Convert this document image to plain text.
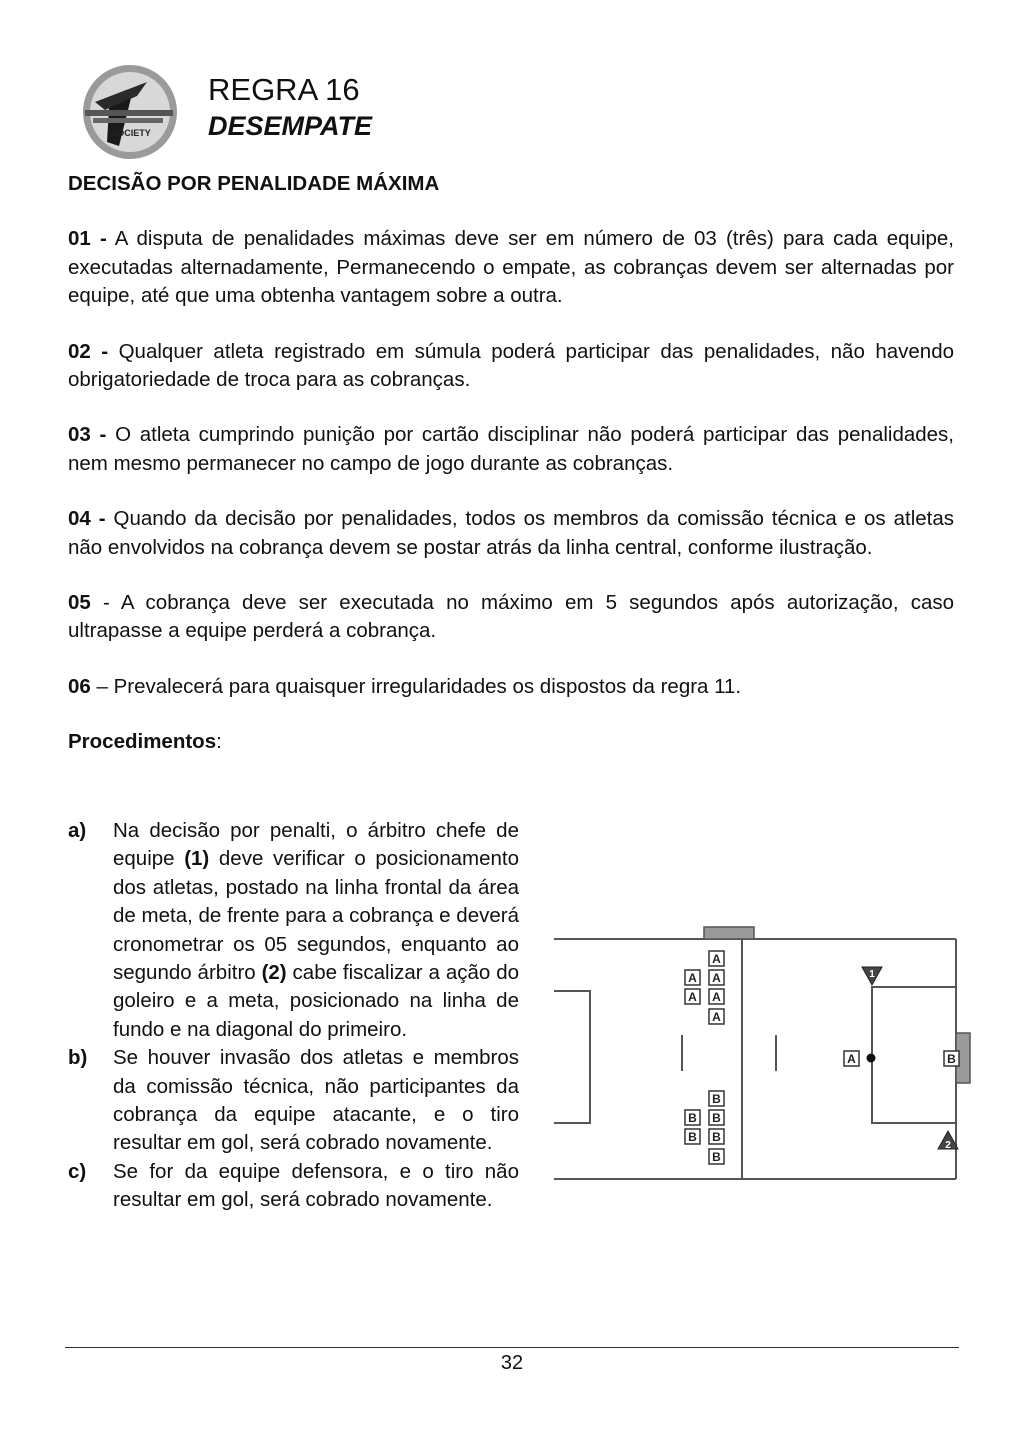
SOCIETY
REGRA 16
DESEMPATE

DECISÃO POR PENALIDADE MÁXIMA

01 - A disputa de penalidades máximas deve ser em número de 03 (três) para cada equipe, executadas alternadamente, Permanecendo o empate, as cobranças devem ser alternadas por equipe, até que uma obtenha vantagem sobre a outra.

02 - Qualquer atleta registrado em súmula poderá participar das penalidades, não havendo obrigatoriedade de troca para as cobranças.

03 - O atleta cumprindo punição por cartão disciplinar não poderá participar das penalidades, nem mesmo permanecer no campo de jogo durante as cobranças.

04 - Quando da decisão por penalidades, todos os membros da comissão técnica e os atletas não envolvidos na cobrança devem se postar atrás da linha central, conforme ilustração.

05 - A cobrança deve ser executada no máximo em 5 segundos após autorização, caso ultrapasse a equipe perderá a cobrança.

06 – Prevalecerá para quaisquer irregularidades os dispostos da regra 11.

Procedimentos:

a)	Na decisão por penalti, o árbitro chefe de equipe (1) deve verificar o posicionamento dos atletas, postado na linha frontal da área de meta, de frente para a cobrança e deverá cronometrar os 05 segundos, enquanto ao segundo árbitro (2) cabe fiscalizar a ação do goleiro e a meta, posicionado na linha de fundo e na diagonal do primeiro.
b)	Se houver invasão dos atletas e membros da comissão técnica, não participantes da cobrança da equipe atacante, e o tiro resultar em gol, será cobrado novamente.
c)	Se for da equipe defensora, e o tiro não resultar em gol, será cobrado novamente.
A
A A
A A
A
B
B B
B B
B
A	B
1
2
32
